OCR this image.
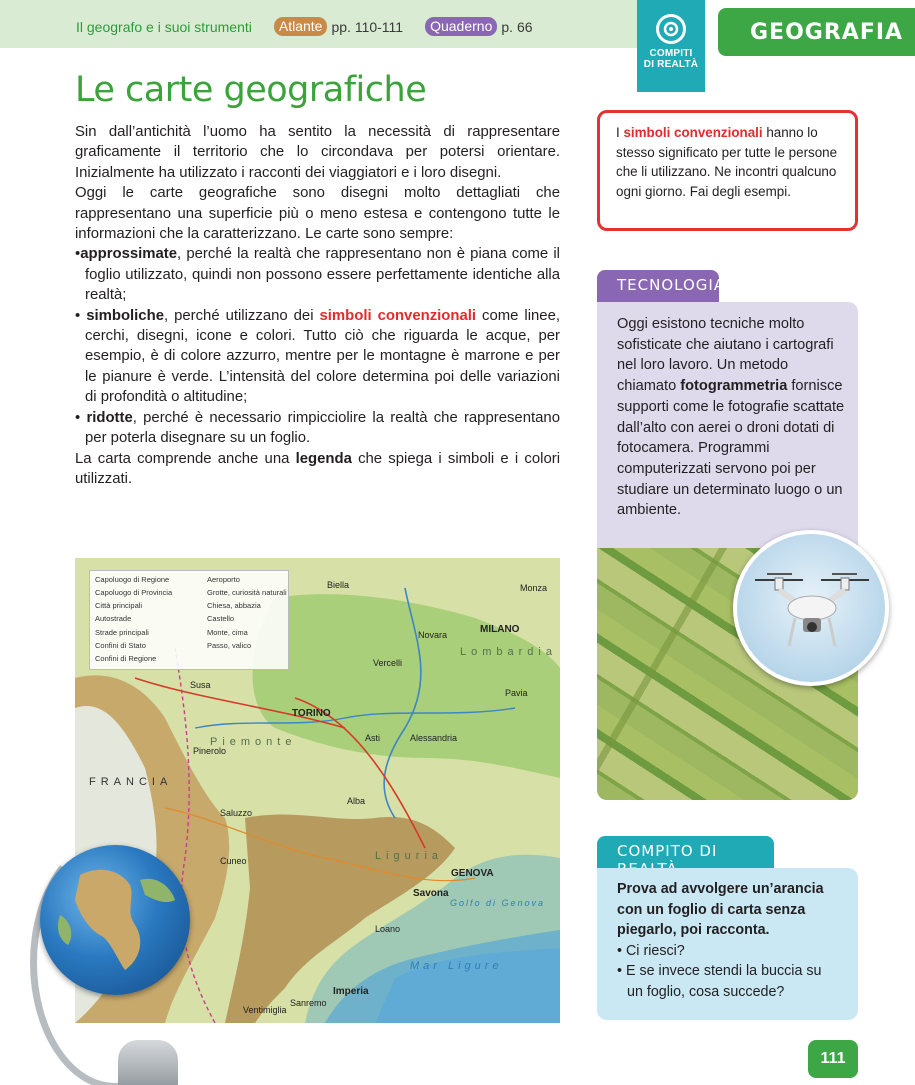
Il geografo e i suoi strumenti	Atlante pp. 110-111	Quaderno p. 66
COMPITI
DI REALTÀ
GEOGRAFIA
Le carte geografiche

Sin dall’antichità l’uomo ha sentito la necessità di rappresentare graficamente il territorio che lo circondava per potersi orientare. Inizialmente ha utilizzato i racconti dei viaggiatori e i loro disegni.

Oggi le carte geografiche sono disegni molto dettagliati che rappresentano una superficie più o meno estesa e contengono tutte le informazioni che la caratterizzano. Le carte sono sempre:

•approssimate, perché la realtà che rappresentano non è piana come il foglio utilizzato, quindi non possono essere perfettamente identiche alla realtà;

• simboliche, perché utilizzano dei simboli convenzionali come linee, cerchi, disegni, icone e colori. Tutto ciò che riguarda le acque, per esempio, è di colore azzurro, mentre per le montagne è marrone e per le pianure è verde. L’intensità del colore determina poi delle variazioni di profondità o altitudine;

• ridotte, perché è necessario rimpicciolire la realtà che rappresentano per poterla disegnare su un foglio.

La carta comprende anche una legenda che spiega i simboli e i colori utilizzati.

Capoluogo di Regione	Aeroporto
Capoluogo di Provincia	Grotte, curiosità naturali
Città principali	Chiesa, abbazia
Autostrade	Castello
Strade principali	Monte, cima
Confini di Stato	Passo, valico
Confini di Regione
Monza
MILANO
Novara
Vercelli
Biella
TORINO
Asti	Alessandria
Pavia
Susa
Pinerolo
Saluzzo
Alba
Cuneo
GENOVA
Savona
Loano
Imperia
Sanremo
Ventimiglia
Piemonte
Lombardia
Liguria
FRANCIA
Mar Ligure
Golfo di Genova
I simboli convenzionali hanno lo stesso significato per tutte le persone che li utilizzano. Ne incontri qualcuno ogni giorno. Fai degli esempi.
TECNOLOGIA
Oggi esistono tecniche molto sofisticate che aiutano i cartografi nel loro lavoro. Un metodo chiamato fotogrammetria fornisce supporti come le fotografie scattate dall’alto con aerei o droni dotati di fotocamera. Programmi computerizzati servono poi per studiare un determinato luogo o un ambiente.
COMPITO DI
Prova ad avvolgere un’arancia con un foglio di carta senza piegarlo, poi racconta.
• Ci riesci?
• E se invece stendi la buccia su un foglio, cosa succede?
111
